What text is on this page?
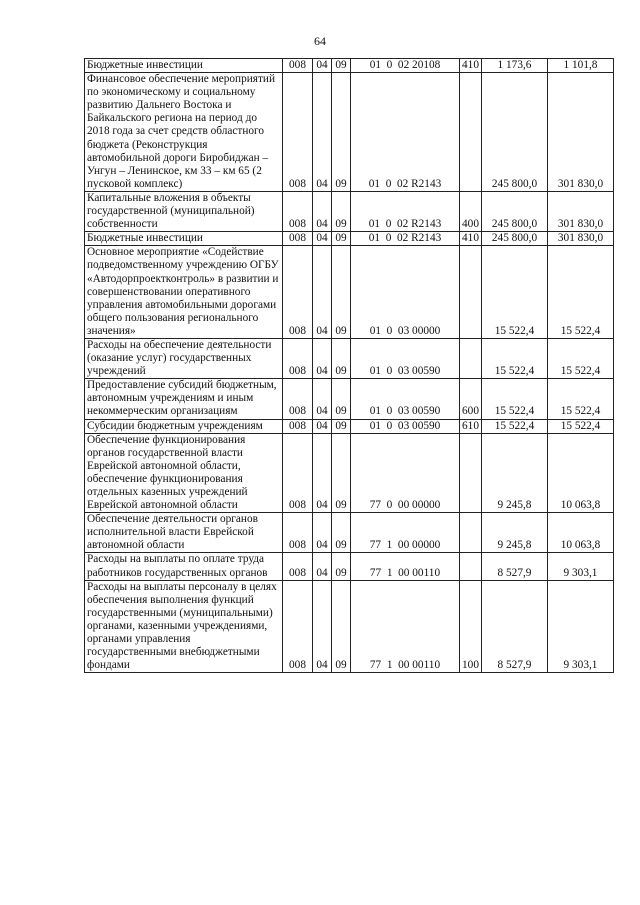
64
Бюджетные инвестиции	008	04	09	01  0  02 20108	410	1 173,6	1 101,8
Финансовое обеспечение мероприятий по экономическому и социальному развитию Дальнего Востока и Байкальского региона на период до 2018 года за счет средств областного бюджета (Реконструкция автомобильной дороги Биробиджан – Унгун – Ленинское, км 33 – км 65 (2 пусковой комплекс)	008	04	09	01  0  02 R2143		245 800,0	301 830,0
Капитальные вложения в объекты государственной (муниципальной) собственности	008	04	09	01  0  02 R2143	400	245 800,0	301 830,0
Бюджетные инвестиции	008	04	09	01  0  02 R2143	410	245 800,0	301 830,0
Основное мероприятие «Содействие подведомственному учреждению ОГБУ «Автодорпроектконтроль» в развитии и совершенствовании оперативного управления автомобильными дорогами общего пользования регионального значения»	008	04	09	01  0  03 00000		15 522,4	15 522,4
Расходы на обеспечение деятельности (оказание услуг) государственных учреждений	008	04	09	01  0  03 00590		15 522,4	15 522,4
Предоставление субсидий бюджетным, автономным учреждениям и иным некоммерческим организациям	008	04	09	01  0  03 00590	600	15 522,4	15 522,4
Субсидии бюджетным учреждениям	008	04	09	01  0  03 00590	610	15 522,4	15 522,4
Обеспечение функционирования органов государственной власти Еврейской автономной области, обеспечение функционирования отдельных казенных учреждений Еврейской автономной области	008	04	09	77  0  00 00000		9 245,8	10 063,8
Обеспечение деятельности органов исполнительной власти Еврейской автономной области	008	04	09	77  1  00 00000		9 245,8	10 063,8
Расходы на выплаты по оплате труда работников государственных органов	008	04	09	77  1  00 00110		8 527,9	9 303,1
Расходы на выплаты персоналу в целях обеспечения выполнения функций государственными (муниципальными) органами, казенными учреждениями, органами управления государственными внебюджетными фондами	008	04	09	77  1  00 00110	100	8 527,9	9 303,1
